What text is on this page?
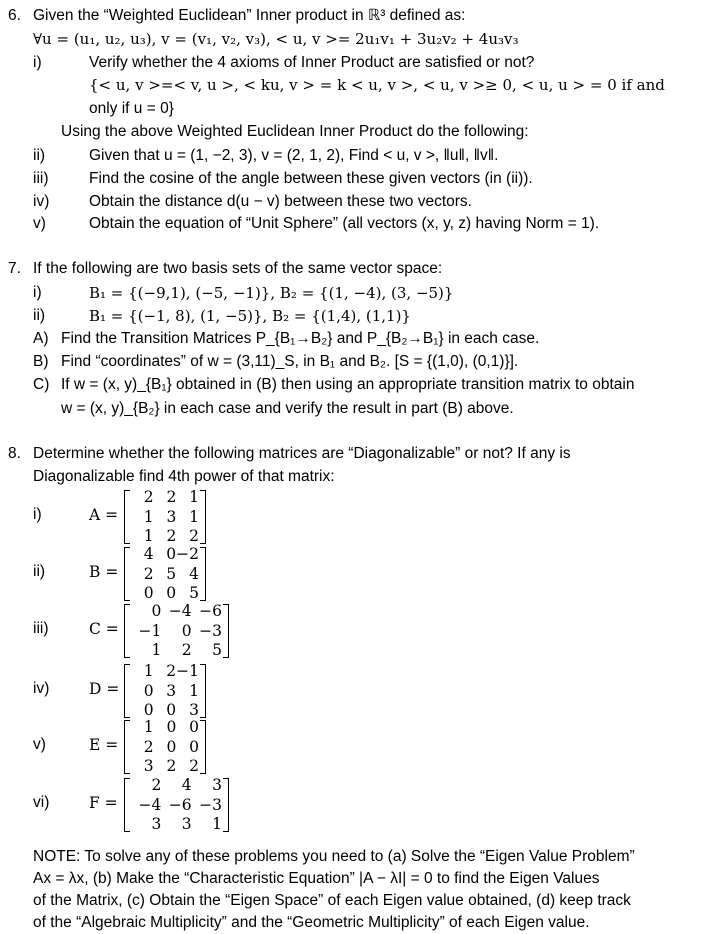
6. Given the “Weighted Euclidean” Inner product in ℝ³ defined as:
∀u = (u₁, u₂, u₃), v = (v₁, v₂, v₃), < u, v >= 2u₁v₁ + 3u₂v₂ + 4u₃v₃
i)	Verify whether the 4 axioms of Inner Product are satisfied or not?
{< u, v >=< v, u >, < ku, v > = k < u, v >, < u, v >≥ 0, < u, u > = 0 if and
only if u = 0}
Using the above Weighted Euclidean Inner Product do the following:
ii)	Given that u = (1, −2, 3), v = (2, 1, 2), Find < u, v >, ‖u‖, ‖v‖.
iii)	Find the cosine of the angle between these given vectors (in (ii)).
iv)	Obtain the distance d(u − v) between these two vectors.
v)	Obtain the equation of “Unit Sphere” (all vectors (x, y, z) having Norm = 1).
7. If the following are two basis sets of the same vector space:
i)	B₁ = {(−9,1), (−5, −1)}, B₂ = {(1, −4), (3, −5)}
ii)	B₁ = {(−1, 8), (1, −5)}, B₂ = {(1,4), (1,1)}
A) Find the Transition Matrices P_{B₁→B₂} and P_{B₂→B₁} in each case.
B) Find “coordinates” of w = (3,11)_S, in B₁ and B₂. [S = {(1,0), (0,1)}].
C) If w = (x, y)_{B₁} obtained in (B) then using an appropriate transition matrix to obtain
w = (x, y)_{B₂} in each case and verify the result in part (B) above.
8. Determine whether the following matrices are “Diagonalizable” or not? If any is
Diagonalizable find 4th power of that matrix:
i)	A =
2 2 1
1 3 1
1 2 2
ii)	B =
4 0 −2
2 5 4
0 0 5
iii)	C =
0 −4 −6
−1	0 −3
1	2	5
iv)	D =
1 2 −1
0 3 1
0 0 3
v)	E =
1 0 0
2 0 0
3 2 2
vi)	F =
2	4	3
−4 −6 −3
3	3	1
NOTE: To solve any of these problems you need to (a) Solve the “Eigen Value Problem”
Ax = λx, (b) Make the “Characteristic Equation” |A − λI| = 0 to find the Eigen Values
of the Matrix, (c) Obtain the “Eigen Space” of each Eigen value obtained, (d) keep track
of the “Algebraic Multiplicity” and the “Geometric Multiplicity” of each Eigen value.
